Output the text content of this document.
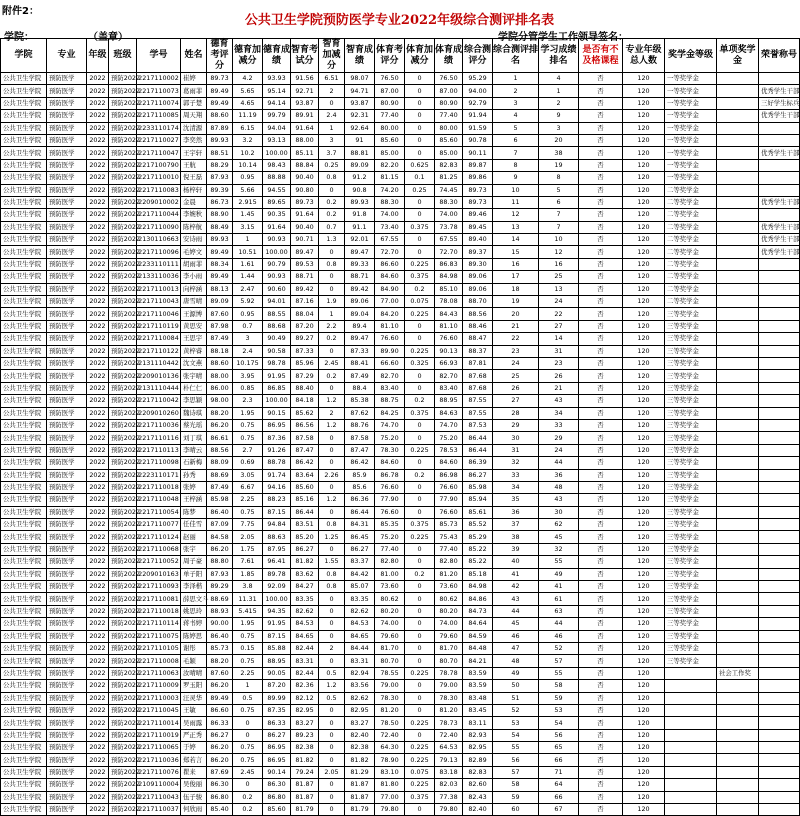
附件2：
公共卫生学院预防医学专业2022年级综合测评排名表
学院：	（盖章）	学院分管学生工作领导签名：
学院	专业	年级	班级	学号	姓名	德育考评分	德育加减分	德育成绩	智育考试分	智育加减分	智育成绩	体育考评分	体育加减分	体育成绩	综合测评分	综合测评排名	学习成绩排名	是否有不及格课程	专业年级总人数	奖学金等级	单项奖学金	荣誉称号
公共卫生学院	预防医学	2022	预防2022	2217110002	崔婷	89.73	4.2	93.93	91.56	6.51	98.07	76.50	0	76.50	95.29	1	4	否	120	一等奖学金		
公共卫生学院	预防医学	2022	预防2022	2217110073	葛雨菲	89.49	5.65	95.14	92.71	2	94.71	87.00	0	87.00	94.00	2	1	否	120	一等奖学金		优秀学生干部
公共卫生学院	预防医学	2022	预防2022	2217110074	郭子楚	89.49	4.65	94.14	93.87	0	93.87	80.90	0	80.90	92.79	3	2	否	120	一等奖学金		三好学生标兵
公共卫生学院	预防医学	2022	预防2022	2217110085	周天翔	88.60	11.19	99.79	89.91	2.4	92.31	77.40	0	77.40	91.94	4	9	否	120	一等奖学金		优秀学生干部
公共卫生学院	预防医学	2022	预防2022	2233110174	沈清源	87.89	6.15	94.04	91.64	1	92.64	80.00	0	80.00	91.59	5	3	否	120	一等奖学金		
公共卫生学院	预防医学	2022	预防2022	2217110027	李奕然	89.93	3.2	93.13	88.00	3	91	85.60	0	85.60	90.78	6	20	否	120	一等奖学金		
公共卫生学院	预防医学	2022	预防2022	2217110047	王宇轩	88.51	10.2	100.00	85.11	3.7	88.81	85.00	0	85.00	90.11	7	38	否	120	一等奖学金		优秀学生干部
公共卫生学院	预防医学	2022	预防2022	2217100790	王航	88.29	10.14	98.43	88.84	0.25	89.09	82.20	0.625	82.83	89.87	8	19	否	120	一等奖学金		
公共卫生学院	预防医学	2022	预防2022	2217110010	倪王磊	87.93	0.95	88.88	90.40	0.8	91.2	81.15	0.1	81.25	89.86	9	8	否	120	一等奖学金		
公共卫生学院	预防医学	2022	预防2022	2217110083	杨梓轩	89.39	5.66	94.55	90.80	0	90.8	74.20	0.25	74.45	89.73	10	5	否	120	二等奖学金		
公共卫生学院	预防医学	2022	预防2022	2209010002	金晨	86.73	2.915	89.65	89.73	0.2	89.93	88.30	0	88.30	89.73	11	6	否	120	二等奖学金		优秀学生干部
公共卫生学院	预防医学	2022	预防2022	2217110044	李婉秋	88.90	1.45	90.35	91.64	0.2	91.8	74.00	0	74.00	89.46	12	7	否	120	二等奖学金		
公共卫生学院	预防医学	2022	预防2022	2217110090	陈梓航	88.49	3.15	91.64	90.40	0.7	91.1	73.40	0.375	73.78	89.45	13	7	否	120	二等奖学金		优秀学生干部
公共卫生学院	预防医学	2022	预防2022	2130110663	安诗雨	89.93	1	90.93	90.71	1.3	92.01	67.55	0	67.55	89.40	14	10	否	120	二等奖学金		优秀学生干部
公共卫生学院	预防医学	2022	预防2022	2217110096	毛婷文	89.49	10.51	100.00	89.47	0	89.47	72.70	0	72.70	89.37	15	12	否	120	二等奖学金		优秀学生干部
公共卫生学院	预防医学	2022	预防2022	2233110111	胡雨菲	88.34	1.61	90.79	89.53	0.8	89.33	86.60	0.225	86.83	89.30	16	16	否	120	二等奖学金		
公共卫生学院	预防医学	2022	预防2022	2133110036	李小雨	89.49	1.44	90.93	88.71	0	88.71	84.60	0.375	84.98	89.06	17	25	否	120	二等奖学金		
公共卫生学院	预防医学	2022	预防2022	2217110013	向梓涵	88.13	2.47	90.60	89.42	0	89.42	84.90	0.2	85.10	89.06	18	13	否	120	二等奖学金		
公共卫生学院	预防医学	2022	预防2022	2217110043	唐雪晴	89.09	5.92	94.01	87.16	1.9	89.06	77.00	0.075	78.08	88.70	19	24	否	120	二等奖学金		
公共卫生学院	预防医学	2022	预防2022	2217110046	王源博	87.60	0.95	88.55	88.04	1	89.04	84.20	0.225	84.43	88.56	20	22	否	120	三等奖学金		
公共卫生学院	预防医学	2022	预防2022	2217110119	黄思安	87.98	0.7	88.68	87.20	2.2	89.4	81.10	0	81.10	88.46	21	27	否	120	三等奖学金		
公共卫生学院	预防医学	2022	预防2022	2217110084	王思宇	87.49	3	90.49	89.27	0.2	89.47	76.60	0	76.60	88.47	22	14	否	120	三等奖学金		
公共卫生学院	预防医学	2022	预防2022	2217110122	黄梓睿	88.18	2.4	90.58	87.33	0	87.33	89.90	0.225	90.13	88.37	23	31	否	120	三等奖学金		
公共卫生学院	预防医学	2022	预防2022	2131110442	沈文燕	88.60	10.175	98.78	85.96	2.45	88.41	66.60	0.325	66.93	87.81	24	23	否	120	三等奖学金		
公共卫生学院	预防医学	2022	预防2022	2209010136	张宇晴	88.00	3.95	91.95	87.29	0.2	87.49	82.70	0	82.70	87.68	25	26	否	120	三等奖学金		
公共卫生学院	预防医学	2022	预防2022	2131110444	朴仁仁	86.00	0.85	86.85	88.40	0	88.4	83.40	0	83.40	87.68	26	21	否	120	三等奖学金		
公共卫生学院	预防医学	2022	预防2022	2217110042	李思颖	98.00	2.3	100.00	84.18	1.2	85.38	88.75	0.2	88.95	87.55	27	43	否	120	三等奖学金		
公共卫生学院	预防医学	2022	预防2022	2209010260	魏诗琪	88.20	1.95	90.15	85.62	2	87.62	84.25	0.375	84.63	87.55	28	34	否	120	三等奖学金		
公共卫生学院	预防医学	2022	预防2022	2217110036	蔡光瑶	86.20	0.75	86.95	86.56	1.2	88.76	74.70	0	74.70	87.53	29	33	否	120	三等奖学金		
公共卫生学院	预防医学	2022	预防2022	2217110116	刘丁琪	86.61	0.75	87.36	87.58	0	87.58	75.20	0	75.20	86.44	30	29	否	120	三等奖学金		
公共卫生学院	预防医学	2022	预防2022	2217110113	李晴云	88.56	2.7	91.26	87.47	0	87.47	78.30	0.225	78.53	86.44	31	24	否	120	三等奖学金		
公共卫生学院	预防医学	2022	预防2022	2217110098	石新梅	88.09	0.69	88.78	86.42	0	86.42	84.60	0	84.60	86.39	32	44	否	120	三等奖学金		
公共卫生学院	预防医学	2022	预防2022	2223110171	孙秀	88.69	3.05	91.74	83.64	2.26	85.9	86.78	0.2	86.98	86.27	33	36	否	120	三等奖学金		
公共卫生学院	预防医学	2022	预防2022	2217110018	张婷	87.49	6.67	94.16	85.60	0	85.6	76.60	0	76.60	85.98	34	48	否	120	三等奖学金		
公共卫生学院	预防医学	2022	预防2022	2217110048	王梓涵	85.98	2.25	88.23	85.16	1.2	86.36	77.90	0	77.90	85.94	35	43	否	120	三等奖学金		
公共卫生学院	预防医学	2022	预防2022	2217110054	陈梦	86.40	0.75	87.15	86.44	0	86.44	76.60	0	76.60	85.61	36	30	否	120	三等奖学金		
公共卫生学院	预防医学	2022	预防2022	2217110077	任佳雪	87.09	7.75	94.84	83.51	0.8	84.31	85.35	0.375	85.73	85.52	37	62	否	120	三等奖学金		
公共卫生学院	预防医学	2022	预防2022	2217110124	赵丽	84.58	2.05	88.63	85.20	1.25	86.45	75.20	0.225	75.43	85.29	38	45	否	120	三等奖学金		
公共卫生学院	预防医学	2022	预防2022	2217110068	张宇	86.20	1.75	87.95	86.27	0	86.27	77.40	0	77.40	85.22	39	32	否	120	三等奖学金		
公共卫生学院	预防医学	2022	预防2022	2217110052	周子豪	88.80	7.61	96.41	81.82	1.55	83.37	82.80	0	82.80	85.22	40	55	否	120	三等奖学金		
公共卫生学院	预防医学	2022	预防2022	2209010163	单子阳	87.93	1.85	89.78	83.62	0.8	84.42	81.00	0.2	81.20	85.18	41	49	否	120	三等奖学金		
公共卫生学院	预防医学	2022	预防2022	2217110093	李泽楷	89.29	3.8	92.09	84.27	0.8	85.07	73.60	0	73.60	84.98	42	41	否	120	三等奖学金		
公共卫生学院	预防医学	2022	预防2022	2217110081	薛思文斗	88.69	11.31	100.00	83.35	0	83.35	80.62	0	80.62	84.86	43	61	否	120	三等奖学金		
公共卫生学院	预防医学	2022	预防2022	2217110018	姚思玲	88.93	5.415	94.35	82.62	0	82.62	80.20	0	80.20	84.73	44	63	否	120	三等奖学金		
公共卫生学院	预防医学	2022	预防2022	2217110114	蒋书婷	90.00	1.95	91.95	84.53	0	84.53	74.00	0	74.00	84.64	45	44	否	120	三等奖学金		
公共卫生学院	预防医学	2022	预防2022	2217110075	陈婷思	86.40	0.75	87.15	84.65	0	84.65	79.60	0	79.60	84.59	46	46	否	120	三等奖学金		
公共卫生学院	预防医学	2022	预防2022	2217110105	谢彤	85.73	0.15	85.88	82.44	2	84.44	81.70	0	81.70	84.48	47	52	否	120	三等奖学金		
公共卫生学院	预防医学	2022	预防2022	2217110008	毛颖	88.20	0.75	88.95	83.31	0	83.31	80.70	0	80.70	84.21	48	57	否	120	三等奖学金		
公共卫生学院	预防医学	2022	预防2022	2217110063	汝晴晴	87.60	2.25	90.05	82.44	0.5	82.94	78.55	0.225	78.78	83.59	49	55	否	120		社会工作奖	
公共卫生学院	预防医学	2022	预防2022	2217110009	罗玉阳	86.20	1	87.20	82.36	1.2	83.56	79.00	0	79.00	83.59	50	58	否	120			
公共卫生学院	预防医学	2022	预防2022	2217110003	汪灵华	89.49	0.5	89.99	82.12	0.5	82.62	78.30	0	78.30	83.48	51	59	否	120			
公共卫生学院	预防医学	2022	预防2022	2217110045	王敏	86.60	0.75	87.35	82.95	0	82.95	81.20	0	81.20	83.45	52	53	否	120			
公共卫生学院	预防医学	2022	预防2022	2217110014	吴雨露	86.33	0	86.33	83.27	0	83.27	78.50	0.225	78.73	83.11	53	54	否	120			
公共卫生学院	预防医学	2022	预防2022	2217110019	严正秀	86.27	0	86.27	89.23	0	82.40	72.40	0	72.40	82.93	54	56	否	120			
公共卫生学院	预防医学	2022	预防2022	2217110065	于婷	86.20	0.75	86.95	82.38	0	82.38	64.30	0.225	64.53	82.95	55	65	否	120			
公共卫生学院	预防医学	2022	预防2022	2217110036	郑若言	86.20	0.75	86.95	81.82	0	81.82	78.90	0.225	79.13	82.89	56	66	否	120			
公共卫生学院	预防医学	2022	预防2022	2217110076	瞿来	87.69	2.45	90.14	79.24	2.05	81.29	83.10	0.075	83.18	82.83	57	71	否	120			
公共卫生学院	预防医学	2022	预防2022	2109110004	吴俊丽	86.30	0	86.30	81.87	0	81.87	81.80	0.225	82.03	82.60	58	64	否	120			
公共卫生学院	预防医学	2022	预防2022	2217110043	伍子骏	86.80	0.2	86.80	81.87	0	81.87	77.00	0.375	77.38	82.43	59	66	否	120			
公共卫生学院	预防医学	2022	预防2022	2217110037	何欣雨	85.40	0.2	85.60	81.79	0	81.79	79.80	0	79.80	82.40	60	67	否	120			
